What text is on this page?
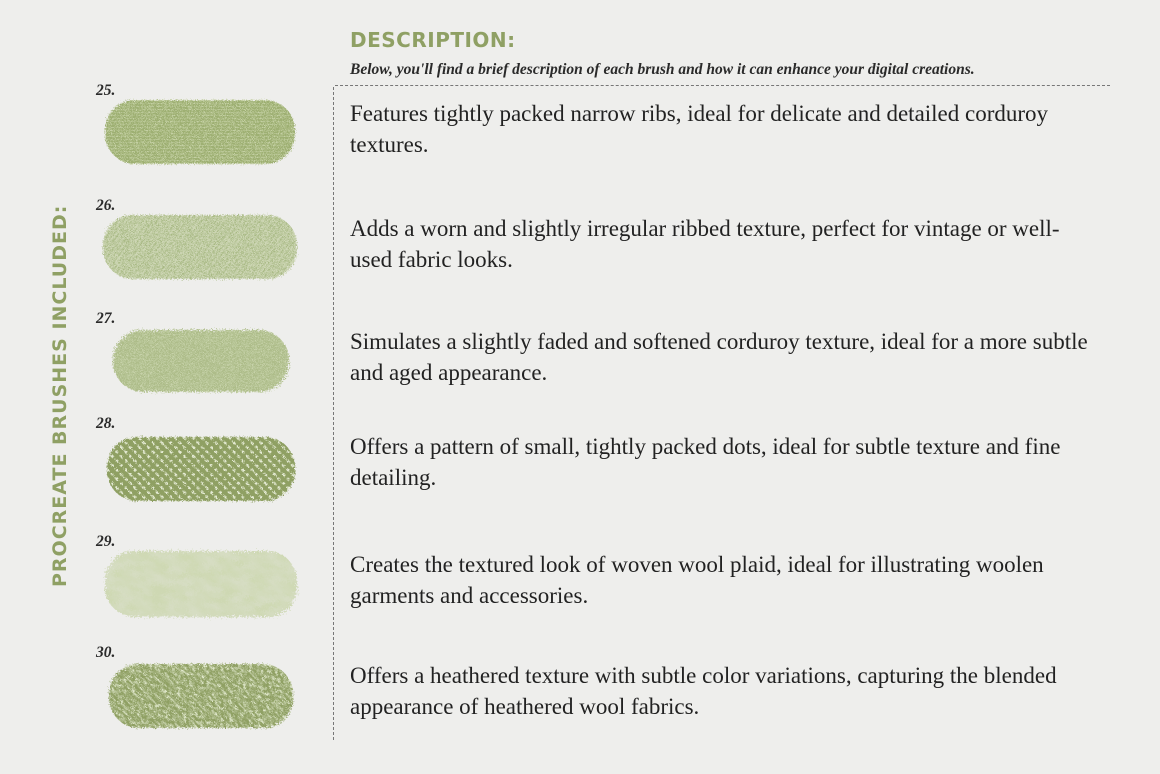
PROCREATE BRUSHES INCLUDED:
DESCRIPTION:
Below, you'll find a brief description of each brush and how it can enhance your digital creations.
25.
Features tightly packed narrow ribs, ideal for delicate and detailed corduroy textures.
26.
Adds a worn and slightly irregular ribbed texture, perfect for vintage or well-used fabric looks.
27.
Simulates a slightly faded and softened corduroy texture, ideal for a more subtle and aged appearance.
28.
Offers a pattern of small, tightly packed dots, ideal for subtle texture and fine detailing.
29.
Creates the textured look of woven wool plaid, ideal for illustrating woolen garments and accessories.
30.
Offers a heathered texture with subtle color variations, capturing the blended appearance of heathered wool fabrics.
